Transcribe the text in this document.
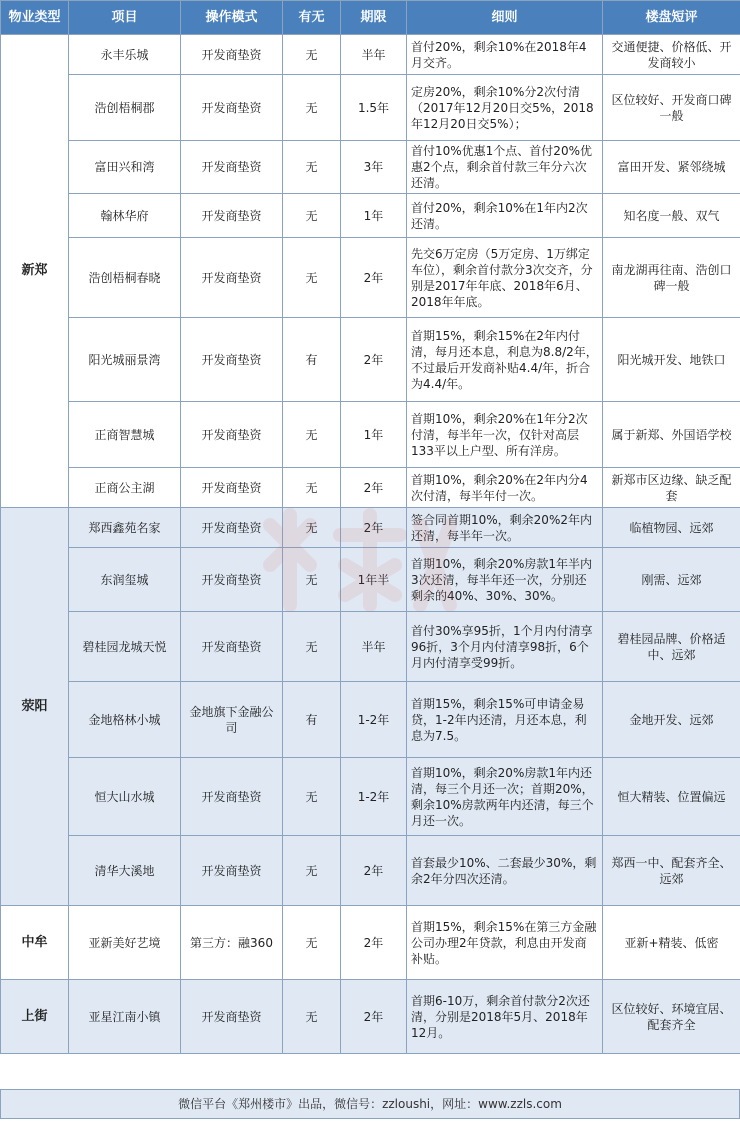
物业类型	项目	操作模式	有无	期限	细则	楼盘短评
新郑	永丰乐城	开发商垫资	无	半年	首付20%，剩余10%在2018年4月交齐。	交通便捷、价格低、开发商较小
	浩创梧桐郡	开发商垫资	无	1.5年	定房20%，剩余10%分2次付清（2017年12月20日交5%，2018年12月20日交5%）；	区位较好、开发商口碑一般
	富田兴和湾	开发商垫资	无	3年	首付10%优惠1个点、首付20%优惠2个点，剩余首付款三年分六次还清。	富田开发、紧邻绕城
	翰林华府	开发商垫资	无	1年	首付20%，剩余10%在1年内2次还清。	知名度一般、双气
	浩创梧桐春晓	开发商垫资	无	2年	先交6万定房（5万定房、1万绑定车位），剩余首付款分3次交齐，分别是2017年年底、2018年6月、2018年年底。	南龙湖再往南、浩创口碑一般
	阳光城丽景湾	开发商垫资	有	2年	首期15%，剩余15%在2年内付清，每月还本息，利息为8.8/2年，不过最后开发商补贴4.4/年，折合为4.4/年。	阳光城开发、地铁口
	正商智慧城	开发商垫资	无	1年	首期10%，剩余20%在1年分2次付清，每半年一次，仅针对高层133平以上户型、所有洋房。	属于新郑、外国语学校
	正商公主湖	开发商垫资	无	2年	首期10%，剩余20%在2年内分4次付清，每半年付一次。	新郑市区边缘、缺乏配套
荥阳	郑西鑫苑名家	开发商垫资	无	2年	签合同首期10%，剩余20%2年内还清，每半年一次。	临植物园、远郊
	东润玺城	开发商垫资	无	1年半	首期10%，剩余20%房款1年半内3次还清，每半年还一次，分别还剩余的40%、30%、30%。	刚需、远郊
	碧桂园龙城天悦	开发商垫资	无	半年	首付30%享95折，1个月内付清享96折，3个月内付清享98折，6个月内付清享受99折。	碧桂园品牌、价格适中、远郊
	金地格林小城	金地旗下金融公司	有	1-2年	首期15%，剩余15%可申请金易贷，1-2年内还清，月还本息，利息为7.5。	金地开发、远郊
	恒大山水城	开发商垫资	无	1-2年	首期10%，剩余20%房款1年内还清，每三个月还一次；首期20%，剩余10%房款两年内还清，每三个月还一次。	恒大精装、位置偏远
	清华大溪地	开发商垫资	无	2年	首套最少10%、二套最少30%，剩余2年分四次还清。	郑西一中、配套齐全、远郊
中牟	亚新美好艺境	第三方：融360	无	2年	首期15%，剩余15%在第三方金融公司办理2年贷款，利息由开发商补贴。	亚新+精装、低密
上街	亚星江南小镇	开发商垫资	无	2年	首期6-10万，剩余首付款分2次还清，分别是2018年5月、2018年12月。	区位较好、环境宜居、配套齐全
微信平台《郑州楼市》出品，微信号：zzloushi，网址：www.zzls.com
